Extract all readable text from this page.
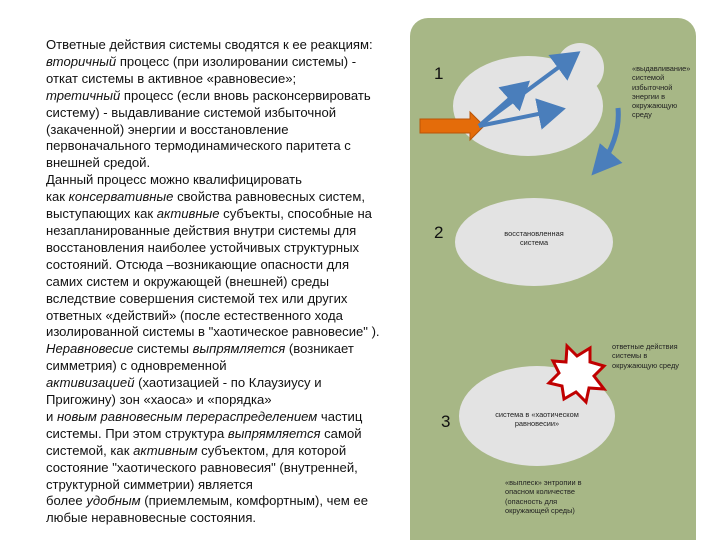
Ответные действия системы сводятся к ее реакциям:

вторичный процесс (при изолировании системы) -

откат системы в активное «равновесие»;

третичный процесс (если вновь расконсервировать

систему) - выдавливание системой избыточной

(закаченной) энергии и восстановление

первоначального термодинамического паритета с

внешней средой.

Данный процесс можно квалифицировать

как консервативные свойства равновесных систем,

выступающих как активные субъекты, способные на

незапланированные действия внутри системы для

восстановления наиболее устойчивых структурных

состояний. Отсюда –возникающие опасности для

самих систем и окружающей (внешней) среды

вследствие совершения системой тех или других

ответных «действий» (после естественного хода

изолированной системы в "хаотическое равновесие" ).

Неравновесие системы выпрямляется (возникает

симметрия) с одновременной

активизацией (хаотизацией - по Клаузиусу и

Пригожину) зон «хаоса» и «порядка»

и новым равновесным перераспределением частиц

системы. При этом структура выпрямляется самой

системой, как активным субъектом, для которой

состояние "хаотического равновесия" (внутренней,

структурной симметрии) является

более удобным (приемлемым, комфортным), чем ее

любые неравновесные состояния.

1
2
3
«выдавливание»
системой
избыточной
энергии в
окружающую
среду
восстановленная
система
ответные действия
системы в
окружающую среду
система в «хаотическом
равновесии»
«выплеск» энтропии в
опасном количестве
(опасность для
окружающей среды)
